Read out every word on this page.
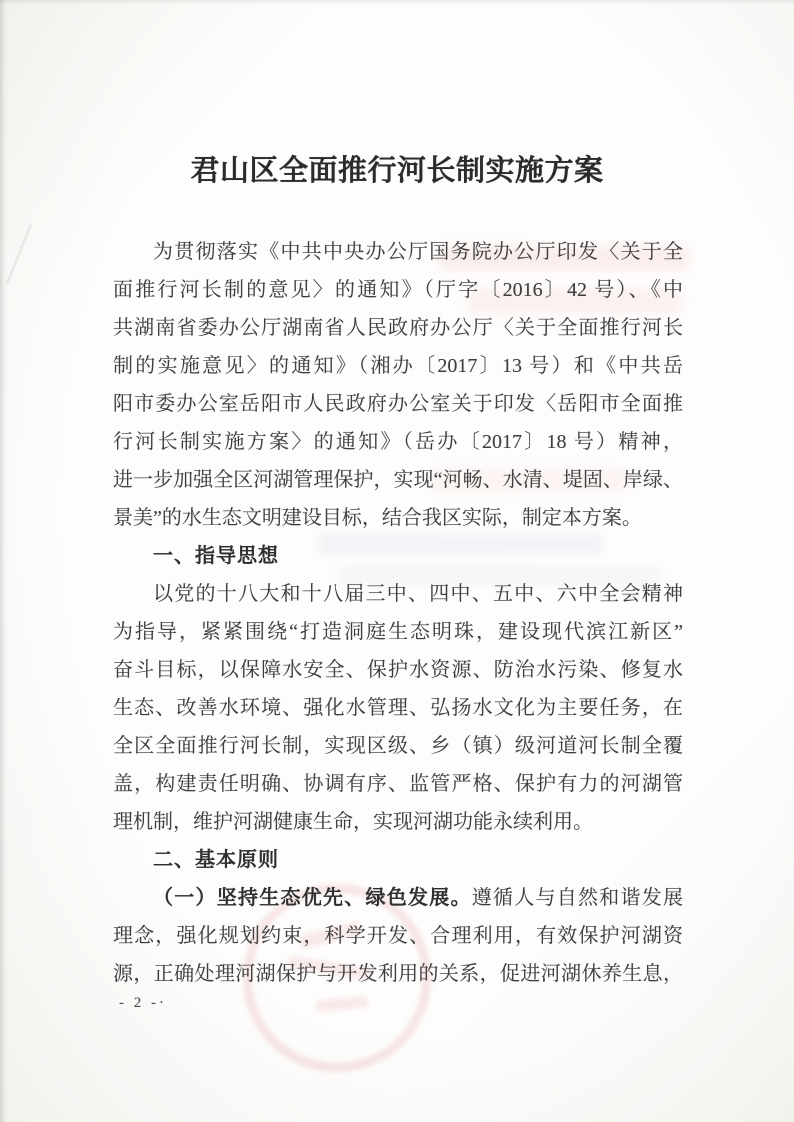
君山区全面推行河长制实施方案
为贯彻落实《中共中央办公厅国务院办公厅印发〈关于全
面推行河长制的意见〉的通知》（厅字〔2016〕42 号）、《中
共湖南省委办公厅湖南省人民政府办公厅〈关于全面推行河长
制的实施意见〉的通知》（湘办〔2017〕13 号）和《中共岳
阳市委办公室岳阳市人民政府办公室关于印发〈岳阳市全面推
行河长制实施方案〉的通知》（岳办〔2017〕18 号）精神，
进一步加强全区河湖管理保护，实现“河畅、水清、堤固、岸绿、
景美”的水生态文明建设目标，结合我区实际，制定本方案。
一、指导思想
以党的十八大和十八届三中、四中、五中、六中全会精神
为指导，紧紧围绕“打造洞庭生态明珠，建设现代滨江新区”
奋斗目标，以保障水安全、保护水资源、防治水污染、修复水
生态、改善水环境、强化水管理、弘扬水文化为主要任务，在
全区全面推行河长制，实现区级、乡（镇）级河道河长制全覆
盖，构建责任明确、协调有序、监管严格、保护有力的河湖管
理机制，维护河湖健康生命，实现河湖功能永续利用。
二、基本原则
（一）坚持生态优先、绿色发展。遵循人与自然和谐发展
理念，强化规划约束，科学开发、合理利用，有效保护河湖资
源，正确处理河湖保护与开发利用的关系，促进河湖休养生息，
- 2 -·
